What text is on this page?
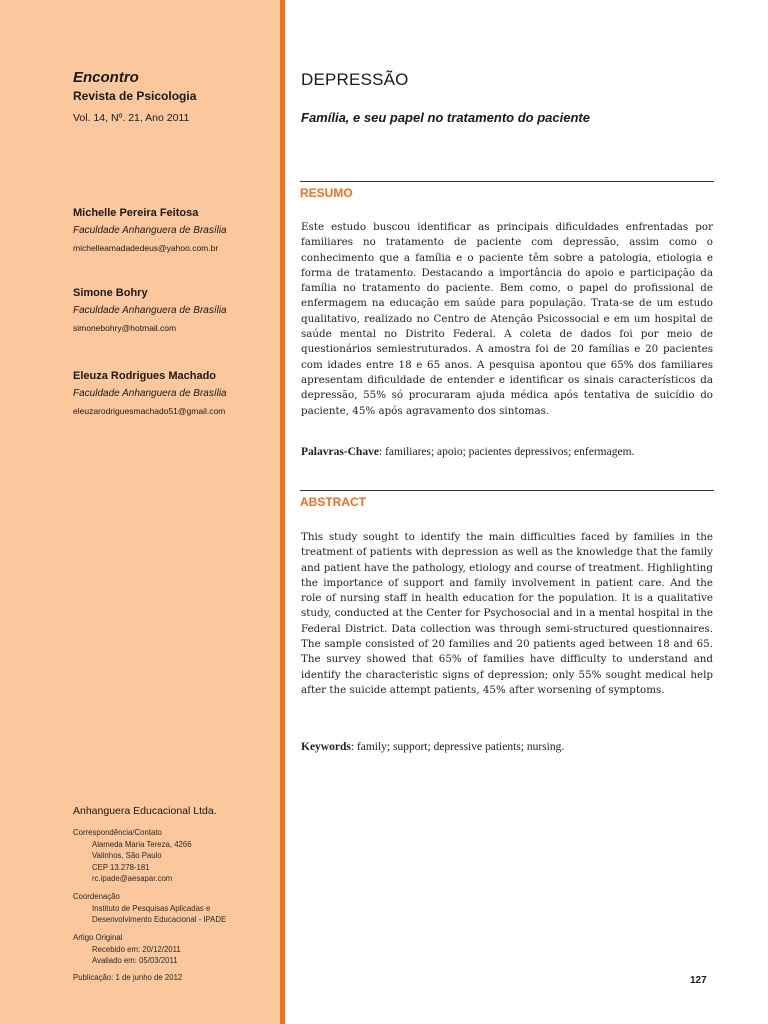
Encontro
Revista de Psicologia
Vol. 14, Nº. 21, Ano 2011
Michelle Pereira Feitosa
Faculdade Anhanguera de Brasília
michelleamadadedeus@yahoo.com.br
Simone Bohry
Faculdade Anhanguera de Brasília
simonebohry@hotmail.com
Eleuza Rodrigues Machado
Faculdade Anhanguera de Brasília
eleuzarodriguesmachado51@gmail.com
Anhanguera Educacional Ltda.
Correspondência/Contato
Alameda Maria Tereza, 4266
Valinhos, São Paulo
CEP 13.278-181
rc.ipade@aesapar.com
Coordenação
Instituto de Pesquisas Aplicadas e
Desenvolvimento Educacional - IPADE
Artigo Original
Recebido em: 20/12/2011
Avaliado em: 05/03/2011
Publicação: 1 de junho de 2012
DEPRESSÃO
Família, e seu papel no tratamento do paciente
RESUMO
Este estudo buscou identificar as principais dificuldades enfrentadas por familiares no tratamento de paciente com depressão, assim como o conhecimento que a família e o paciente têm sobre a patologia, etiologia e forma de tratamento. Destacando a importância do apoio e participação da família no tratamento do paciente. Bem como, o papel do profissional de enfermagem na educação em saúde para população. Trata-se de um estudo qualitativo, realizado no Centro de Atenção Psicossocial e em um hospital de saúde mental no Distrito Federal. A coleta de dados foi por meio de questionários semiestruturados. A amostra foi de 20 famílias e 20 pacientes com idades entre 18 e 65 anos. A pesquisa apontou que 65% dos familiares apresentam dificuldade de entender e identificar os sinais característicos da depressão, 55% só procuraram ajuda médica após tentativa de suicídio do paciente, 45% após agravamento dos sintomas.
Palavras-Chave: familiares; apoio; pacientes depressivos; enfermagem.
ABSTRACT
This study sought to identify the main difficulties faced by families in the treatment of patients with depression as well as the knowledge that the family and patient have the pathology, etiology and course of treatment. Highlighting the importance of support and family involvement in patient care. And the role of nursing staff in health education for the population. It is a qualitative study, conducted at the Center for Psychosocial and in a mental hospital in the Federal District. Data collection was through semi-structured questionnaires. The sample consisted of 20 families and 20 patients aged between 18 and 65. The survey showed that 65% of families have difficulty to understand and identify the characteristic signs of depression; only 55% sought medical help after the suicide attempt patients, 45% after worsening of symptoms.
Keywords: family; support; depressive patients; nursing.
127
